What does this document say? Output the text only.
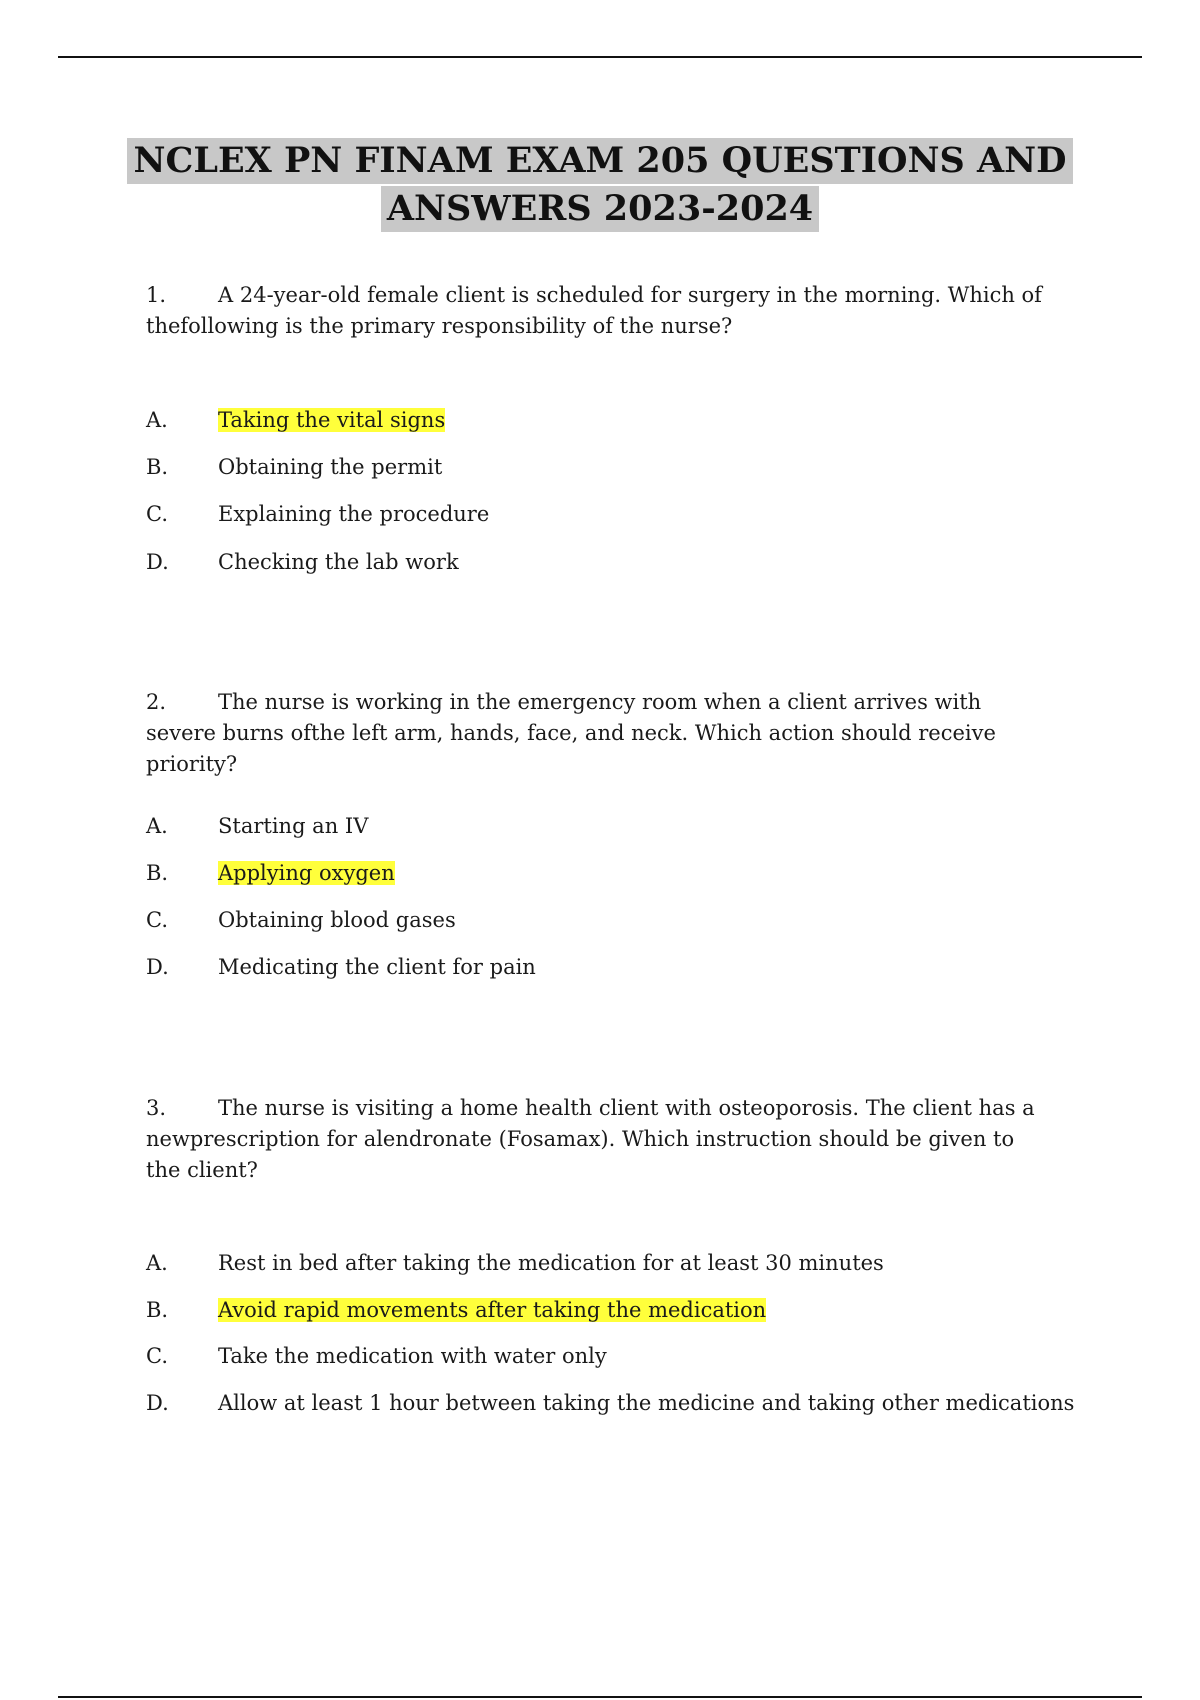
NCLEX PN FINAM EXAM 205 QUESTIONS AND
ANSWERS 2023-2024
1. A 24-year-old female client is scheduled for surgery in the morning. Which of thefollowing is the primary responsibility of the nurse?
A. Taking the vital signs
B. Obtaining the permit
C. Explaining the procedure
D. Checking the lab work
2. The nurse is working in the emergency room when a client arrives with severe burns ofthe left arm, hands, face, and neck. Which action should receive priority?
A. Starting an IV
B. Applying oxygen
C. Obtaining blood gases
D. Medicating the client for pain
3. The nurse is visiting a home health client with osteoporosis. The client has a newprescription for alendronate (Fosamax). Which instruction should be given to the client?
A. Rest in bed after taking the medication for at least 30 minutes
B. Avoid rapid movements after taking the medication
C. Take the medication with water only
D. Allow at least 1 hour between taking the medicine and taking other medications
